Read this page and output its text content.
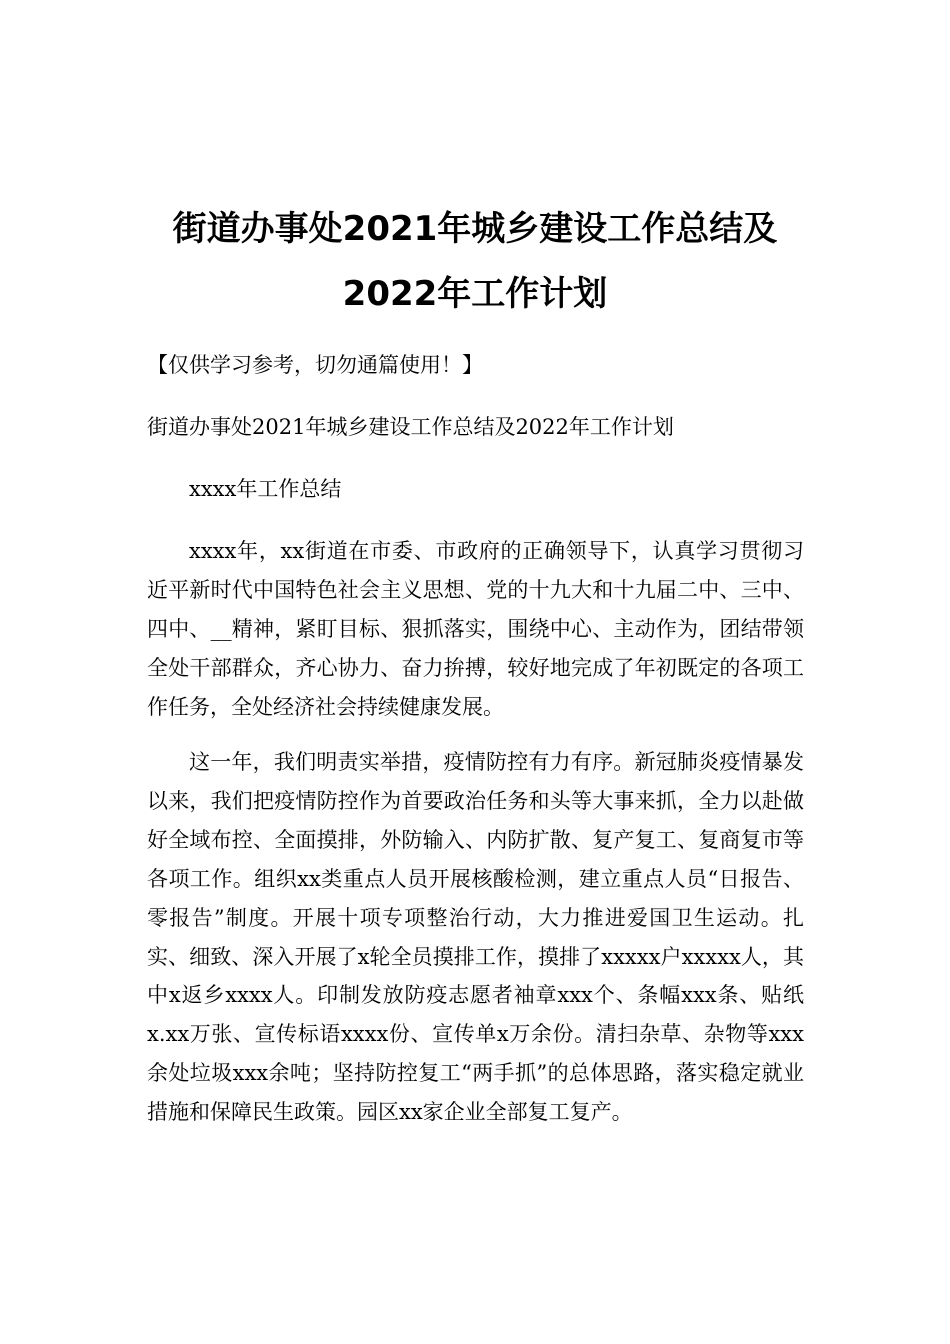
街道办事处2021年城乡建设工作总结及
2022年工作计划

【仅供学习参考，切勿通篇使用！】

街道办事处2021年城乡建设工作总结及2022年工作计划

xxxx年工作总结

xxxx年，xx街道在市委、市政府的正确领导下，认真学习贯彻习近平新时代中国特色社会主义思想、党的十九大和十九届二中、三中、四中、__精神，紧盯目标、狠抓落实，围绕中心、主动作为，团结带领全处干部群众，齐心协力、奋力拚搏，较好地完成了年初既定的各项工作任务，全处经济社会持续健康发展。

这一年，我们明责实举措，疫情防控有力有序。新冠肺炎疫情暴发以来，我们把疫情防控作为首要政治任务和头等大事来抓，全力以赴做好全域布控、全面摸排，外防输入、内防扩散、复产复工、复商复市等各项工作。组织xx类重点人员开展核酸检测，建立重点人员“日报告、零报告”制度。开展十项专项整治行动，大力推进爱国卫生运动。扎实、细致、深入开展了x轮全员摸排工作，摸排了xxxxx户xxxxx人，其中x返乡xxxx人。印制发放防疫志愿者袖章xxx个、条幅xxx条、贴纸x.xx万张、宣传标语xxxx份、宣传单x万余份。清扫杂草、杂物等xxx余处垃圾xxx余吨；坚持防控复工“两手抓”的总体思路，落实稳定就业措施和保障民生政策。园区xx家企业全部复工复产。
